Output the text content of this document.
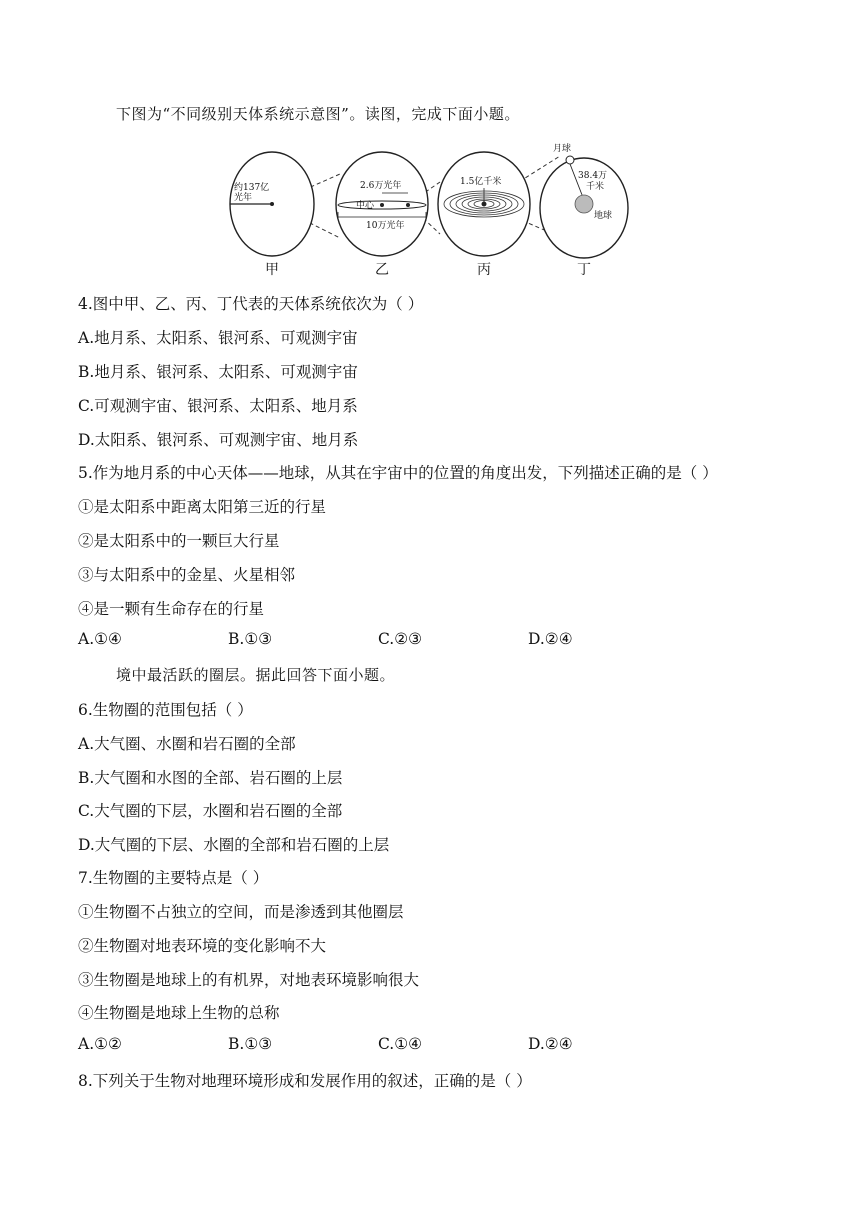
下图为“不同级别天体系统示意图”。读图，完成下面小题。
约137亿
光年
2.6万光年
中心
10万光年
1.5亿千米
月球
38.4万
千米
地球
甲	乙	丙	丁
4.图中甲、乙、丙、丁代表的天体系统依次为（ ）
A.地月系、太阳系、银河系、可观测宇宙
B.地月系、银河系、太阳系、可观测宇宙
C.可观测宇宙、银河系、太阳系、地月系
D.太阳系、银河系、可观测宇宙、地月系
5.作为地月系的中心天体——地球，从其在宇宙中的位置的角度出发，下列描述正确的是（ ）
①是太阳系中距离太阳第三近的行星
②是太阳系中的一颗巨大行星
③与太阳系中的金星、火星相邻
④是一颗有生命存在的行星
A.①④	B.①③	C.②③	D.②④
境中最活跃的圈层。据此回答下面小题。
6.生物圈的范围包括（ ）
A.大气圈、水圈和岩石圈的全部
B.大气圈和水图的全部、岩石圈的上层
C.大气圈的下层，水圈和岩石圈的全部
D.大气圈的下层、水圈的全部和岩石圈的上层
7.生物圈的主要特点是（ ）
①生物圈不占独立的空间，而是渗透到其他圈层
②生物圈对地表环境的变化影响不大
③生物圈是地球上的有机界，对地表环境影响很大
④生物圈是地球上生物的总称
A.①②	B.①③	C.①④	D.②④
8.下列关于生物对地理环境形成和发展作用的叙述，正确的是（ ）
